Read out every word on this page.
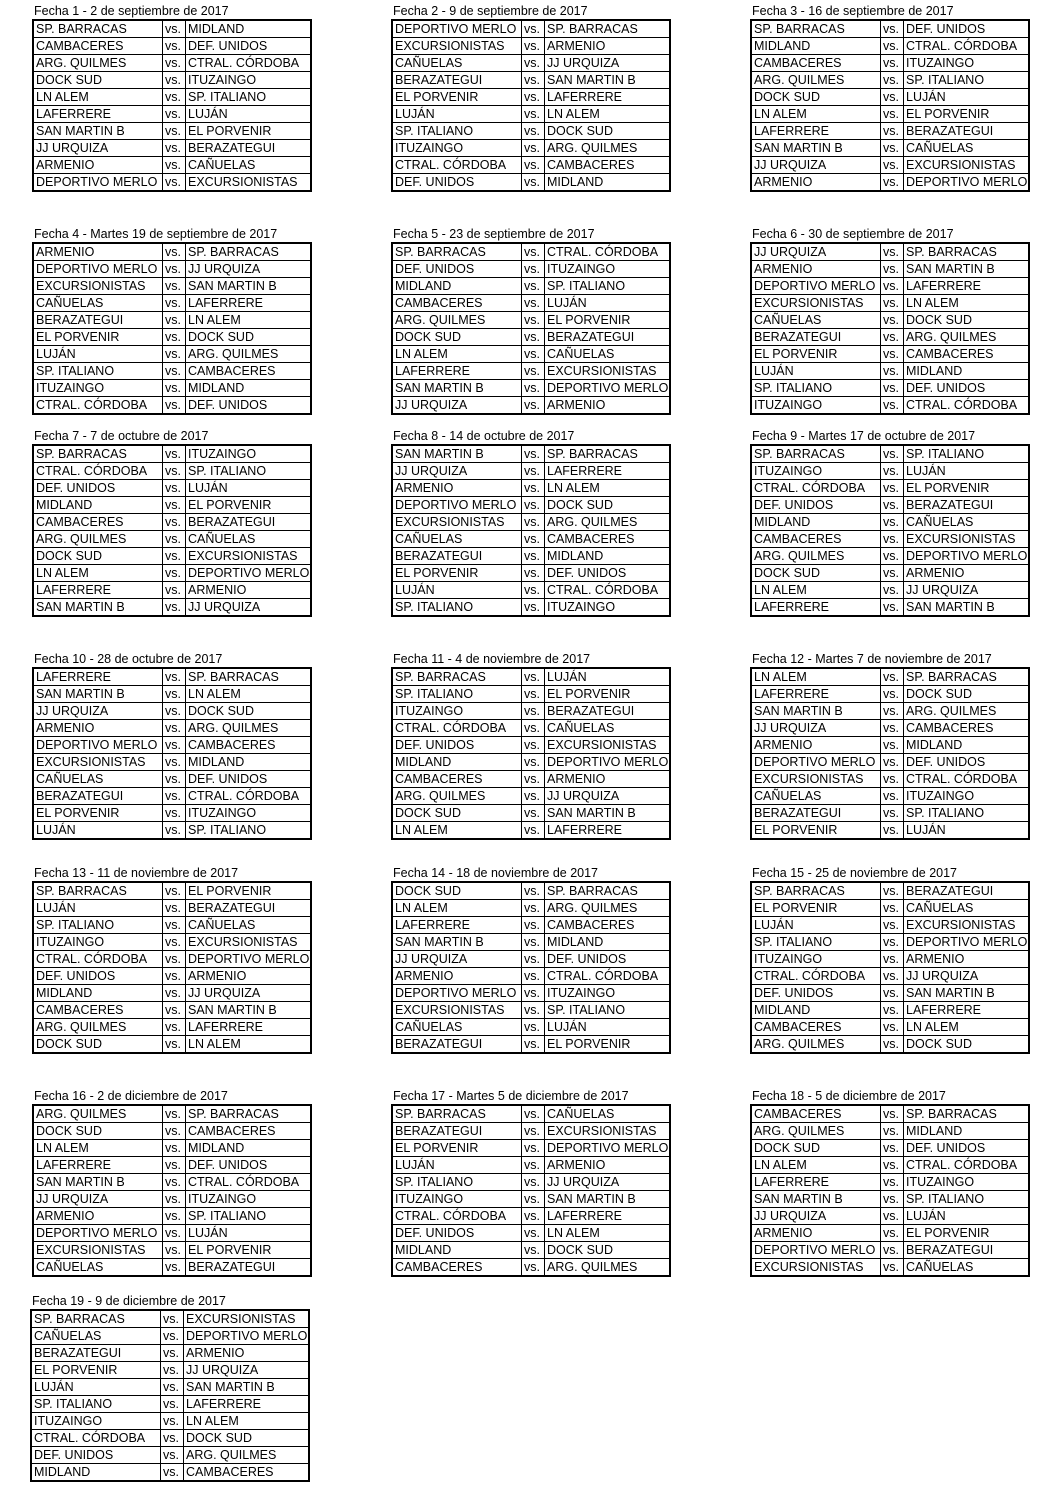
Fecha 1 - 2 de septiembre de 2017
SP. BARRACAS	vs.	MIDLAND
CAMBACERES	vs.	DEF. UNIDOS
ARG. QUILMES	vs.	CTRAL. CÓRDOBA
DOCK SUD	vs.	ITUZAINGO
LN ALEM	vs.	SP. ITALIANO
LAFERRERE	vs.	LUJÁN
SAN MARTIN B	vs.	EL PORVENIR
JJ URQUIZA	vs.	BERAZATEGUI
ARMENIO	vs.	CAÑUELAS
DEPORTIVO MERLO	vs.	EXCURSIONISTAS
Fecha 2 - 9 de septiembre de 2017
DEPORTIVO MERLO	vs.	SP. BARRACAS
EXCURSIONISTAS	vs.	ARMENIO
CAÑUELAS	vs.	JJ URQUIZA
BERAZATEGUI	vs.	SAN MARTIN B
EL PORVENIR	vs.	LAFERRERE
LUJÁN	vs.	LN ALEM
SP. ITALIANO	vs.	DOCK SUD
ITUZAINGO	vs.	ARG. QUILMES
CTRAL. CÓRDOBA	vs.	CAMBACERES
DEF. UNIDOS	vs.	MIDLAND
Fecha 3 - 16 de septiembre de 2017
SP. BARRACAS	vs.	DEF. UNIDOS
MIDLAND	vs.	CTRAL. CÓRDOBA
CAMBACERES	vs.	ITUZAINGO
ARG. QUILMES	vs.	SP. ITALIANO
DOCK SUD	vs.	LUJÁN
LN ALEM	vs.	EL PORVENIR
LAFERRERE	vs.	BERAZATEGUI
SAN MARTIN B	vs.	CAÑUELAS
JJ URQUIZA	vs.	EXCURSIONISTAS
ARMENIO	vs.	DEPORTIVO MERLO
Fecha 4 - Martes 19 de septiembre de 2017
ARMENIO	vs.	SP. BARRACAS
DEPORTIVO MERLO	vs.	JJ URQUIZA
EXCURSIONISTAS	vs.	SAN MARTIN B
CAÑUELAS	vs.	LAFERRERE
BERAZATEGUI	vs.	LN ALEM
EL PORVENIR	vs.	DOCK SUD
LUJÁN	vs.	ARG. QUILMES
SP. ITALIANO	vs.	CAMBACERES
ITUZAINGO	vs.	MIDLAND
CTRAL. CÓRDOBA	vs.	DEF. UNIDOS
Fecha 5 - 23 de septiembre de 2017
SP. BARRACAS	vs.	CTRAL. CÓRDOBA
DEF. UNIDOS	vs.	ITUZAINGO
MIDLAND	vs.	SP. ITALIANO
CAMBACERES	vs.	LUJÁN
ARG. QUILMES	vs.	EL PORVENIR
DOCK SUD	vs.	BERAZATEGUI
LN ALEM	vs.	CAÑUELAS
LAFERRERE	vs.	EXCURSIONISTAS
SAN MARTIN B	vs.	DEPORTIVO MERLO
JJ URQUIZA	vs.	ARMENIO
Fecha 6 - 30 de septiembre de 2017
JJ URQUIZA	vs.	SP. BARRACAS
ARMENIO	vs.	SAN MARTIN B
DEPORTIVO MERLO	vs.	LAFERRERE
EXCURSIONISTAS	vs.	LN ALEM
CAÑUELAS	vs.	DOCK SUD
BERAZATEGUI	vs.	ARG. QUILMES
EL PORVENIR	vs.	CAMBACERES
LUJÁN	vs.	MIDLAND
SP. ITALIANO	vs.	DEF. UNIDOS
ITUZAINGO	vs.	CTRAL. CÓRDOBA
Fecha 7 - 7 de octubre de 2017
SP. BARRACAS	vs.	ITUZAINGO
CTRAL. CÓRDOBA	vs.	SP. ITALIANO
DEF. UNIDOS	vs.	LUJÁN
MIDLAND	vs.	EL PORVENIR
CAMBACERES	vs.	BERAZATEGUI
ARG. QUILMES	vs.	CAÑUELAS
DOCK SUD	vs.	EXCURSIONISTAS
LN ALEM	vs.	DEPORTIVO MERLO
LAFERRERE	vs.	ARMENIO
SAN MARTIN B	vs.	JJ URQUIZA
Fecha 8 - 14 de octubre de 2017
SAN MARTIN B	vs.	SP. BARRACAS
JJ URQUIZA	vs.	LAFERRERE
ARMENIO	vs.	LN ALEM
DEPORTIVO MERLO	vs.	DOCK SUD
EXCURSIONISTAS	vs.	ARG. QUILMES
CAÑUELAS	vs.	CAMBACERES
BERAZATEGUI	vs.	MIDLAND
EL PORVENIR	vs.	DEF. UNIDOS
LUJÁN	vs.	CTRAL. CÓRDOBA
SP. ITALIANO	vs.	ITUZAINGO
Fecha 9 - Martes 17 de octubre de 2017
SP. BARRACAS	vs.	SP. ITALIANO
ITUZAINGO	vs.	LUJÁN
CTRAL. CÓRDOBA	vs.	EL PORVENIR
DEF. UNIDOS	vs.	BERAZATEGUI
MIDLAND	vs.	CAÑUELAS
CAMBACERES	vs.	EXCURSIONISTAS
ARG. QUILMES	vs.	DEPORTIVO MERLO
DOCK SUD	vs.	ARMENIO
LN ALEM	vs.	JJ URQUIZA
LAFERRERE	vs.	SAN MARTIN B
Fecha 10 - 28 de octubre de 2017
LAFERRERE	vs.	SP. BARRACAS
SAN MARTIN B	vs.	LN ALEM
JJ URQUIZA	vs.	DOCK SUD
ARMENIO	vs.	ARG. QUILMES
DEPORTIVO MERLO	vs.	CAMBACERES
EXCURSIONISTAS	vs.	MIDLAND
CAÑUELAS	vs.	DEF. UNIDOS
BERAZATEGUI	vs.	CTRAL. CÓRDOBA
EL PORVENIR	vs.	ITUZAINGO
LUJÁN	vs.	SP. ITALIANO
Fecha 11 - 4 de noviembre de 2017
SP. BARRACAS	vs.	LUJÁN
SP. ITALIANO	vs.	EL PORVENIR
ITUZAINGO	vs.	BERAZATEGUI
CTRAL. CÓRDOBA	vs.	CAÑUELAS
DEF. UNIDOS	vs.	EXCURSIONISTAS
MIDLAND	vs.	DEPORTIVO MERLO
CAMBACERES	vs.	ARMENIO
ARG. QUILMES	vs.	JJ URQUIZA
DOCK SUD	vs.	SAN MARTIN B
LN ALEM	vs.	LAFERRERE
Fecha 12 - Martes 7 de noviembre de 2017
LN ALEM	vs.	SP. BARRACAS
LAFERRERE	vs.	DOCK SUD
SAN MARTIN B	vs.	ARG. QUILMES
JJ URQUIZA	vs.	CAMBACERES
ARMENIO	vs.	MIDLAND
DEPORTIVO MERLO	vs.	DEF. UNIDOS
EXCURSIONISTAS	vs.	CTRAL. CÓRDOBA
CAÑUELAS	vs.	ITUZAINGO
BERAZATEGUI	vs.	SP. ITALIANO
EL PORVENIR	vs.	LUJÁN
Fecha 13 - 11 de noviembre de 2017
SP. BARRACAS	vs.	EL PORVENIR
LUJÁN	vs.	BERAZATEGUI
SP. ITALIANO	vs.	CAÑUELAS
ITUZAINGO	vs.	EXCURSIONISTAS
CTRAL. CÓRDOBA	vs.	DEPORTIVO MERLO
DEF. UNIDOS	vs.	ARMENIO
MIDLAND	vs.	JJ URQUIZA
CAMBACERES	vs.	SAN MARTIN B
ARG. QUILMES	vs.	LAFERRERE
DOCK SUD	vs.	LN ALEM
Fecha 14 - 18 de noviembre de 2017
DOCK SUD	vs.	SP. BARRACAS
LN ALEM	vs.	ARG. QUILMES
LAFERRERE	vs.	CAMBACERES
SAN MARTIN B	vs.	MIDLAND
JJ URQUIZA	vs.	DEF. UNIDOS
ARMENIO	vs.	CTRAL. CÓRDOBA
DEPORTIVO MERLO	vs.	ITUZAINGO
EXCURSIONISTAS	vs.	SP. ITALIANO
CAÑUELAS	vs.	LUJÁN
BERAZATEGUI	vs.	EL PORVENIR
Fecha 15 - 25 de noviembre de 2017
SP. BARRACAS	vs.	BERAZATEGUI
EL PORVENIR	vs.	CAÑUELAS
LUJÁN	vs.	EXCURSIONISTAS
SP. ITALIANO	vs.	DEPORTIVO MERLO
ITUZAINGO	vs.	ARMENIO
CTRAL. CÓRDOBA	vs.	JJ URQUIZA
DEF. UNIDOS	vs.	SAN MARTIN B
MIDLAND	vs.	LAFERRERE
CAMBACERES	vs.	LN ALEM
ARG. QUILMES	vs.	DOCK SUD
Fecha 16 - 2 de diciembre de 2017
ARG. QUILMES	vs.	SP. BARRACAS
DOCK SUD	vs.	CAMBACERES
LN ALEM	vs.	MIDLAND
LAFERRERE	vs.	DEF. UNIDOS
SAN MARTIN B	vs.	CTRAL. CÓRDOBA
JJ URQUIZA	vs.	ITUZAINGO
ARMENIO	vs.	SP. ITALIANO
DEPORTIVO MERLO	vs.	LUJÁN
EXCURSIONISTAS	vs.	EL PORVENIR
CAÑUELAS	vs.	BERAZATEGUI
Fecha 17 - Martes 5 de diciembre de 2017
SP. BARRACAS	vs.	CAÑUELAS
BERAZATEGUI	vs.	EXCURSIONISTAS
EL PORVENIR	vs.	DEPORTIVO MERLO
LUJÁN	vs.	ARMENIO
SP. ITALIANO	vs.	JJ URQUIZA
ITUZAINGO	vs.	SAN MARTIN B
CTRAL. CÓRDOBA	vs.	LAFERRERE
DEF. UNIDOS	vs.	LN ALEM
MIDLAND	vs.	DOCK SUD
CAMBACERES	vs.	ARG. QUILMES
Fecha 18 - 5 de diciembre de 2017
CAMBACERES	vs.	SP. BARRACAS
ARG. QUILMES	vs.	MIDLAND
DOCK SUD	vs.	DEF. UNIDOS
LN ALEM	vs.	CTRAL. CÓRDOBA
LAFERRERE	vs.	ITUZAINGO
SAN MARTIN B	vs.	SP. ITALIANO
JJ URQUIZA	vs.	LUJÁN
ARMENIO	vs.	EL PORVENIR
DEPORTIVO MERLO	vs.	BERAZATEGUI
EXCURSIONISTAS	vs.	CAÑUELAS
Fecha 19 - 9 de diciembre de 2017
SP. BARRACAS	vs.	EXCURSIONISTAS
CAÑUELAS	vs.	DEPORTIVO MERLO
BERAZATEGUI	vs.	ARMENIO
EL PORVENIR	vs.	JJ URQUIZA
LUJÁN	vs.	SAN MARTIN B
SP. ITALIANO	vs.	LAFERRERE
ITUZAINGO	vs.	LN ALEM
CTRAL. CÓRDOBA	vs.	DOCK SUD
DEF. UNIDOS	vs.	ARG. QUILMES
MIDLAND	vs.	CAMBACERES
